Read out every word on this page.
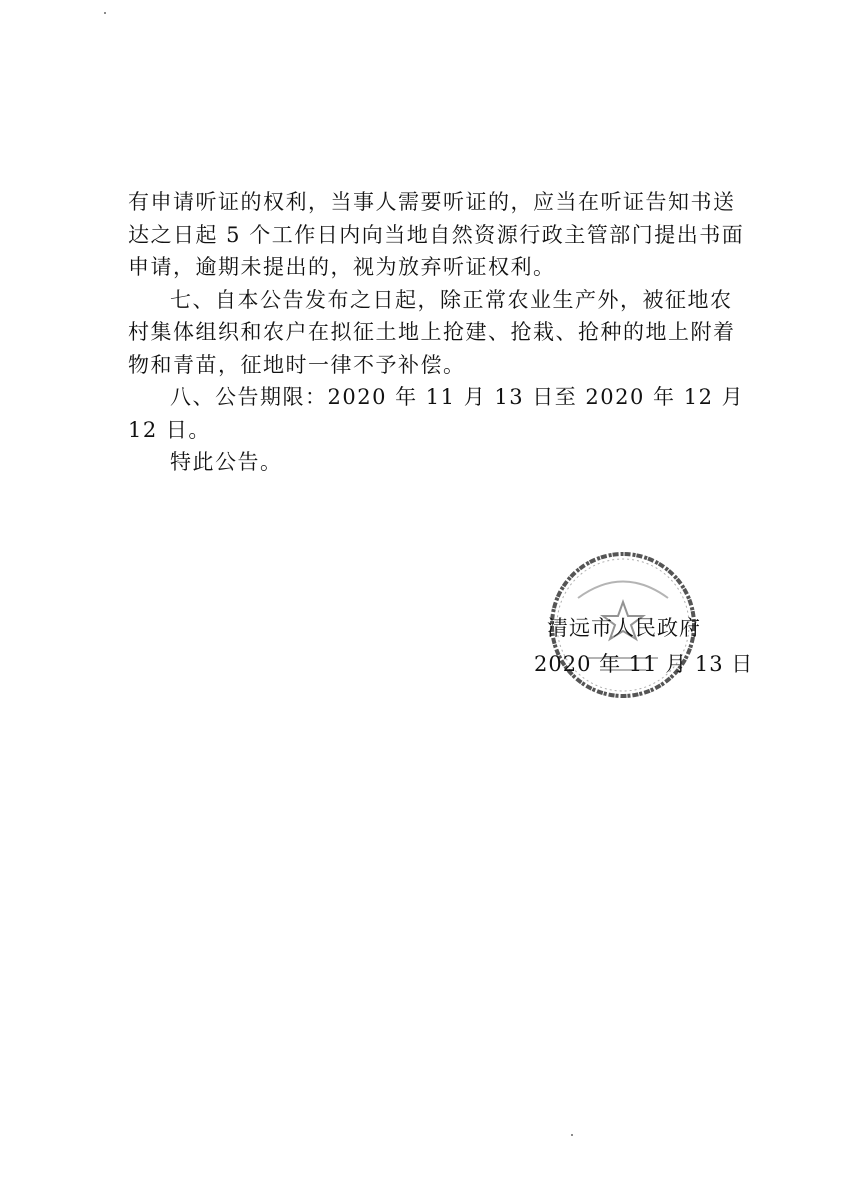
有申请听证的权利，当事人需要听证的，应当在听证告知书送达之日起 5 个工作日内向当地自然资源行政主管部门提出书面申请，逾期未提出的，视为放弃听证权利。

七、自本公告发布之日起，除正常农业生产外，被征地农村集体组织和农户在拟征土地上抢建、抢栽、抢种的地上附着物和青苗，征地时一律不予补偿。

八、公告期限：2020 年 11 月 13 日至 2020 年 12 月 12 日。

特此公告。

清远市人民政府
2020 年 11 月 13 日
